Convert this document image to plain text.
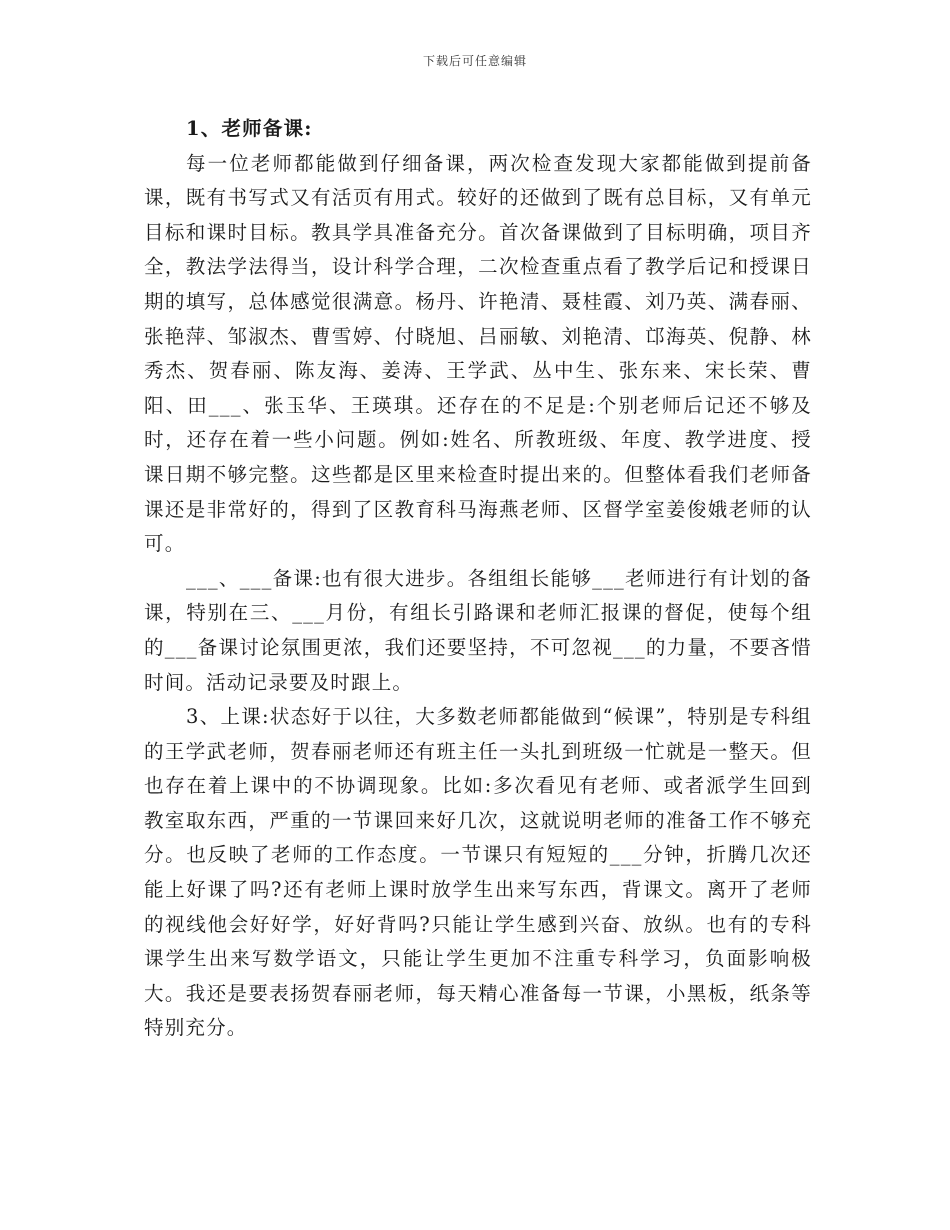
下载后可任意编辑
1、老师备课:

每一位老师都能做到仔细备课，两次检查发现大家都能做到提前备课，既有书写式又有活页有用式。较好的还做到了既有总目标，又有单元目标和课时目标。教具学具准备充分。首次备课做到了目标明确，项目齐全，教法学法得当，设计科学合理，二次检查重点看了教学后记和授课日期的填写，总体感觉很满意。杨丹、许艳清、聂桂霞、刘乃英、满春丽、张艳萍、邹淑杰、曹雪婷、付晓旭、吕丽敏、刘艳清、邙海英、倪静、林秀杰、贺春丽、陈友海、姜涛、王学武、丛中生、张东来、宋长荣、曹阳、田___、张玉华、王瑛琪。还存在的不足是:个别老师后记还不够及时，还存在着一些小问题。例如:姓名、所教班级、年度、教学进度、授课日期不够完整。这些都是区里来检查时提出来的。但整体看我们老师备课还是非常好的，得到了区教育科马海燕老师、区督学室姜俊娥老师的认可。

___、___备课:也有很大进步。各组组长能够___老师进行有计划的备课，特别在三、___月份，有组长引路课和老师汇报课的督促，使每个组的___备课讨论氛围更浓，我们还要坚持，不可忽视___的力量，不要吝惜时间。活动记录要及时跟上。

3、上课:状态好于以往，大多数老师都能做到“候课”，特别是专科组的王学武老师，贺春丽老师还有班主任一头扎到班级一忙就是一整天。但也存在着上课中的不协调现象。比如:多次看见有老师、或者派学生回到教室取东西，严重的一节课回来好几次，这就说明老师的准备工作不够充分。也反映了老师的工作态度。一节课只有短短的___分钟，折腾几次还能上好课了吗?还有老师上课时放学生出来写东西，背课文。离开了老师的视线他会好好学，好好背吗?只能让学生感到兴奋、放纵。也有的专科课学生出来写数学语文，只能让学生更加不注重专科学习，负面影响极大。我还是要表扬贺春丽老师，每天精心准备每一节课，小黑板，纸条等特别充分。
